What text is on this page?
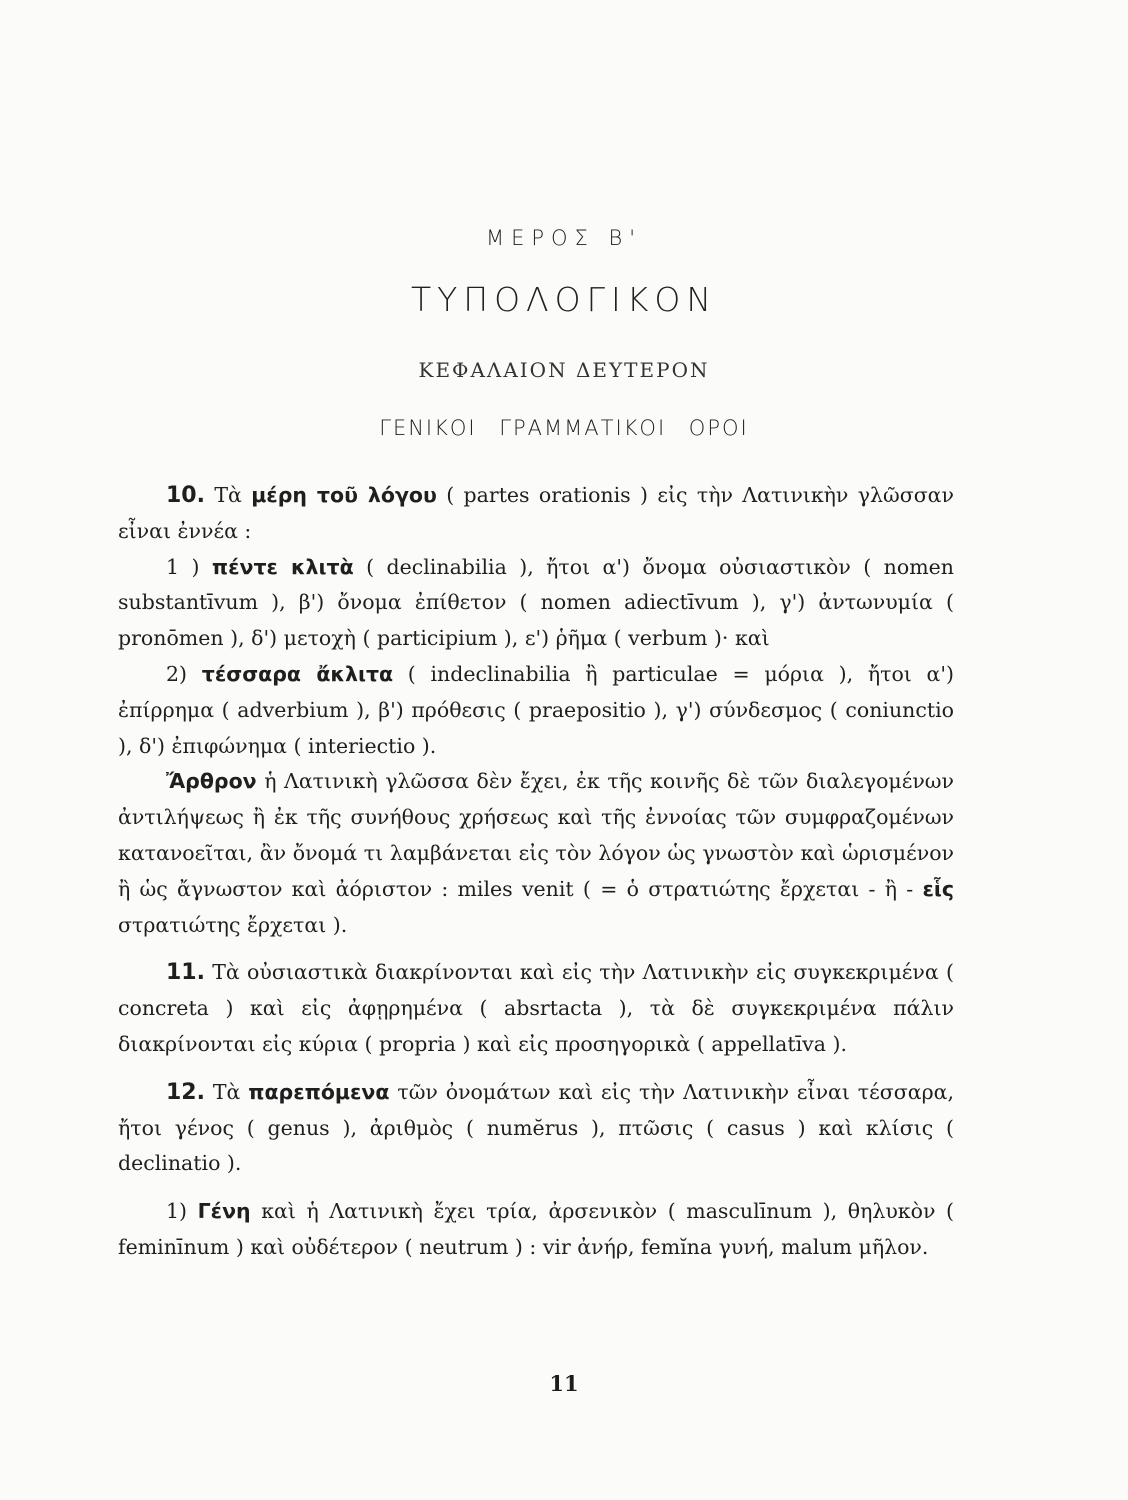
ΜΕΡΟΣ Β'
ΤΥΠΟΛΟΓΙΚΟΝ
ΚΕΦΑΛΑΙΟΝ ΔΕΥΤΕΡΟΝ
ΓΕΝΙΚΟΙ ΓΡΑΜΜΑΤΙΚΟΙ ΟΡΟΙ

10. Τὰ μέρη τοῦ λόγου ( partes orationis ) εἰς τὴν Λατινικὴν γλῶσσαν εἶναι ἐννέα :

1 ) πέντε κλιτὰ ( declinabilia ), ἤτοι α') ὄνομα οὐσιαστικὸν ( nomen substantīvum ), β') ὄνομα ἐπίθετον ( nomen adiectīvum ), γ') ἀντωνυμία ( pronōmen ), δ') μετοχὴ ( participium ), ε') ῥῆμα ( verbum )· καὶ

2) τέσσαρα ἄκλιτα ( indeclinabilia ἢ particulae = μόρια ), ἤτοι α') ἐπίρρημα ( adverbium ), β') πρόθεσις ( praepositio ), γ') σύνδεσμος ( coniunctio ), δ') ἐπιφώνημα ( interiectio ).

Ἄρθρον ἡ Λατινικὴ γλῶσσα δὲν ἔχει, ἐκ τῆς κοινῆς δὲ τῶν διαλεγομένων ἀντιλήψεως ἢ ἐκ τῆς συνήθους χρήσεως καὶ τῆς ἐννοίας τῶν συμφραζομένων κατανοεῖται, ἂν ὄνομά τι λαμβάνεται εἰς τὸν λόγον ὡς γνωστὸν καὶ ὡρισμένον ἢ ὡς ἄγνωστον καὶ ἀόριστον : miles venit ( = ὁ στρατιώτης ἔρχεται - ἢ - εἷς στρατιώτης ἔρχεται ).

11. Τὰ οὐσιαστικὰ διακρίνονται καὶ εἰς τὴν Λατινικὴν εἰς συγκεκριμένα ( concreta ) καὶ εἰς ἀφῃρημένα ( absrtacta ), τὰ δὲ συγκεκριμένα πάλιν διακρίνονται εἰς κύρια ( propria ) καὶ εἰς προσηγορικὰ ( appellatīva ).

12. Τὰ παρεπόμενα τῶν ὀνομάτων καὶ εἰς τὴν Λατινικὴν εἶναι τέσσαρα, ἤτοι γένος ( genus ), ἀριθμὸς ( numĕrus ), πτῶσις ( casus ) καὶ κλίσις ( declinatio ).

1) Γένη καὶ ἡ Λατινικὴ ἔχει τρία, ἀρσενικὸν ( masculīnum ), θηλυκὸν ( feminīnum ) καὶ οὐδέτερον ( neutrum ) : vir ἀνήρ, femĭna γυνή, malum μῆλον.

11
